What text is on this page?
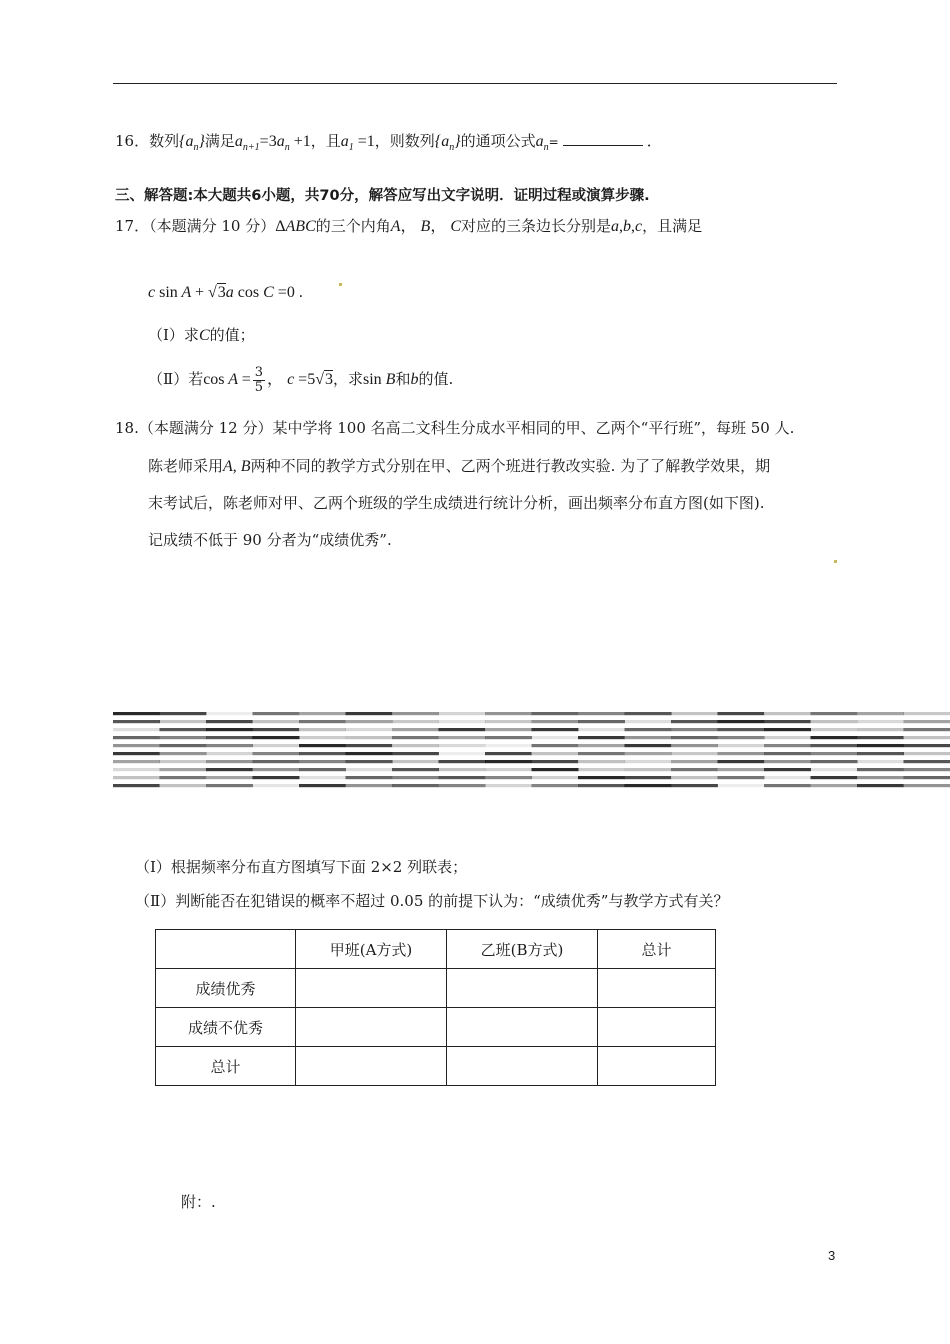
16．数列$\{a_n\}$满足$a_{n+1}=3a_n +1$，且$a_1 =1$，则数列$\{a_n\}$的通项公式$a_n=$	．
三、解答题:本大题共6小题，共70分，解答应写出文字说明．证明过程或演算步骤.
17．（本题满分 10 分）ΔABC的三个内角A， B， C对应的三条边长分别是a,b,c，且满足
c sin A + √3a cos C =0 .
（Ⅰ）求C的值；
（Ⅱ）若$\cos A = \frac{3}{5}$ ， c =5√3，求sin B和b的值.
18.（本题满分 12 分）某中学将 100 名高二文科生分成水平相同的甲、乙两个“平行班”，每班 50 人.
陈老师采用A, B两种不同的教学方式分别在甲、乙两个班进行教改实验. 为了了解教学效果，期
末考试后，陈老师对甲、乙两个班级的学生成绩进行统计分析，画出频率分布直方图(如下图).
记成绩不低于 90 分者为“成绩优秀”.
（Ⅰ）根据频率分布直方图填写下面 2×2 列联表；
（Ⅱ）判断能否在犯错误的概率不超过 0.05 的前提下认为：“成绩优秀”与教学方式有关？
	甲班(A方式)	乙班(B方式)	总计
成绩优秀			
成绩不优秀			
总计			
附：.
3
